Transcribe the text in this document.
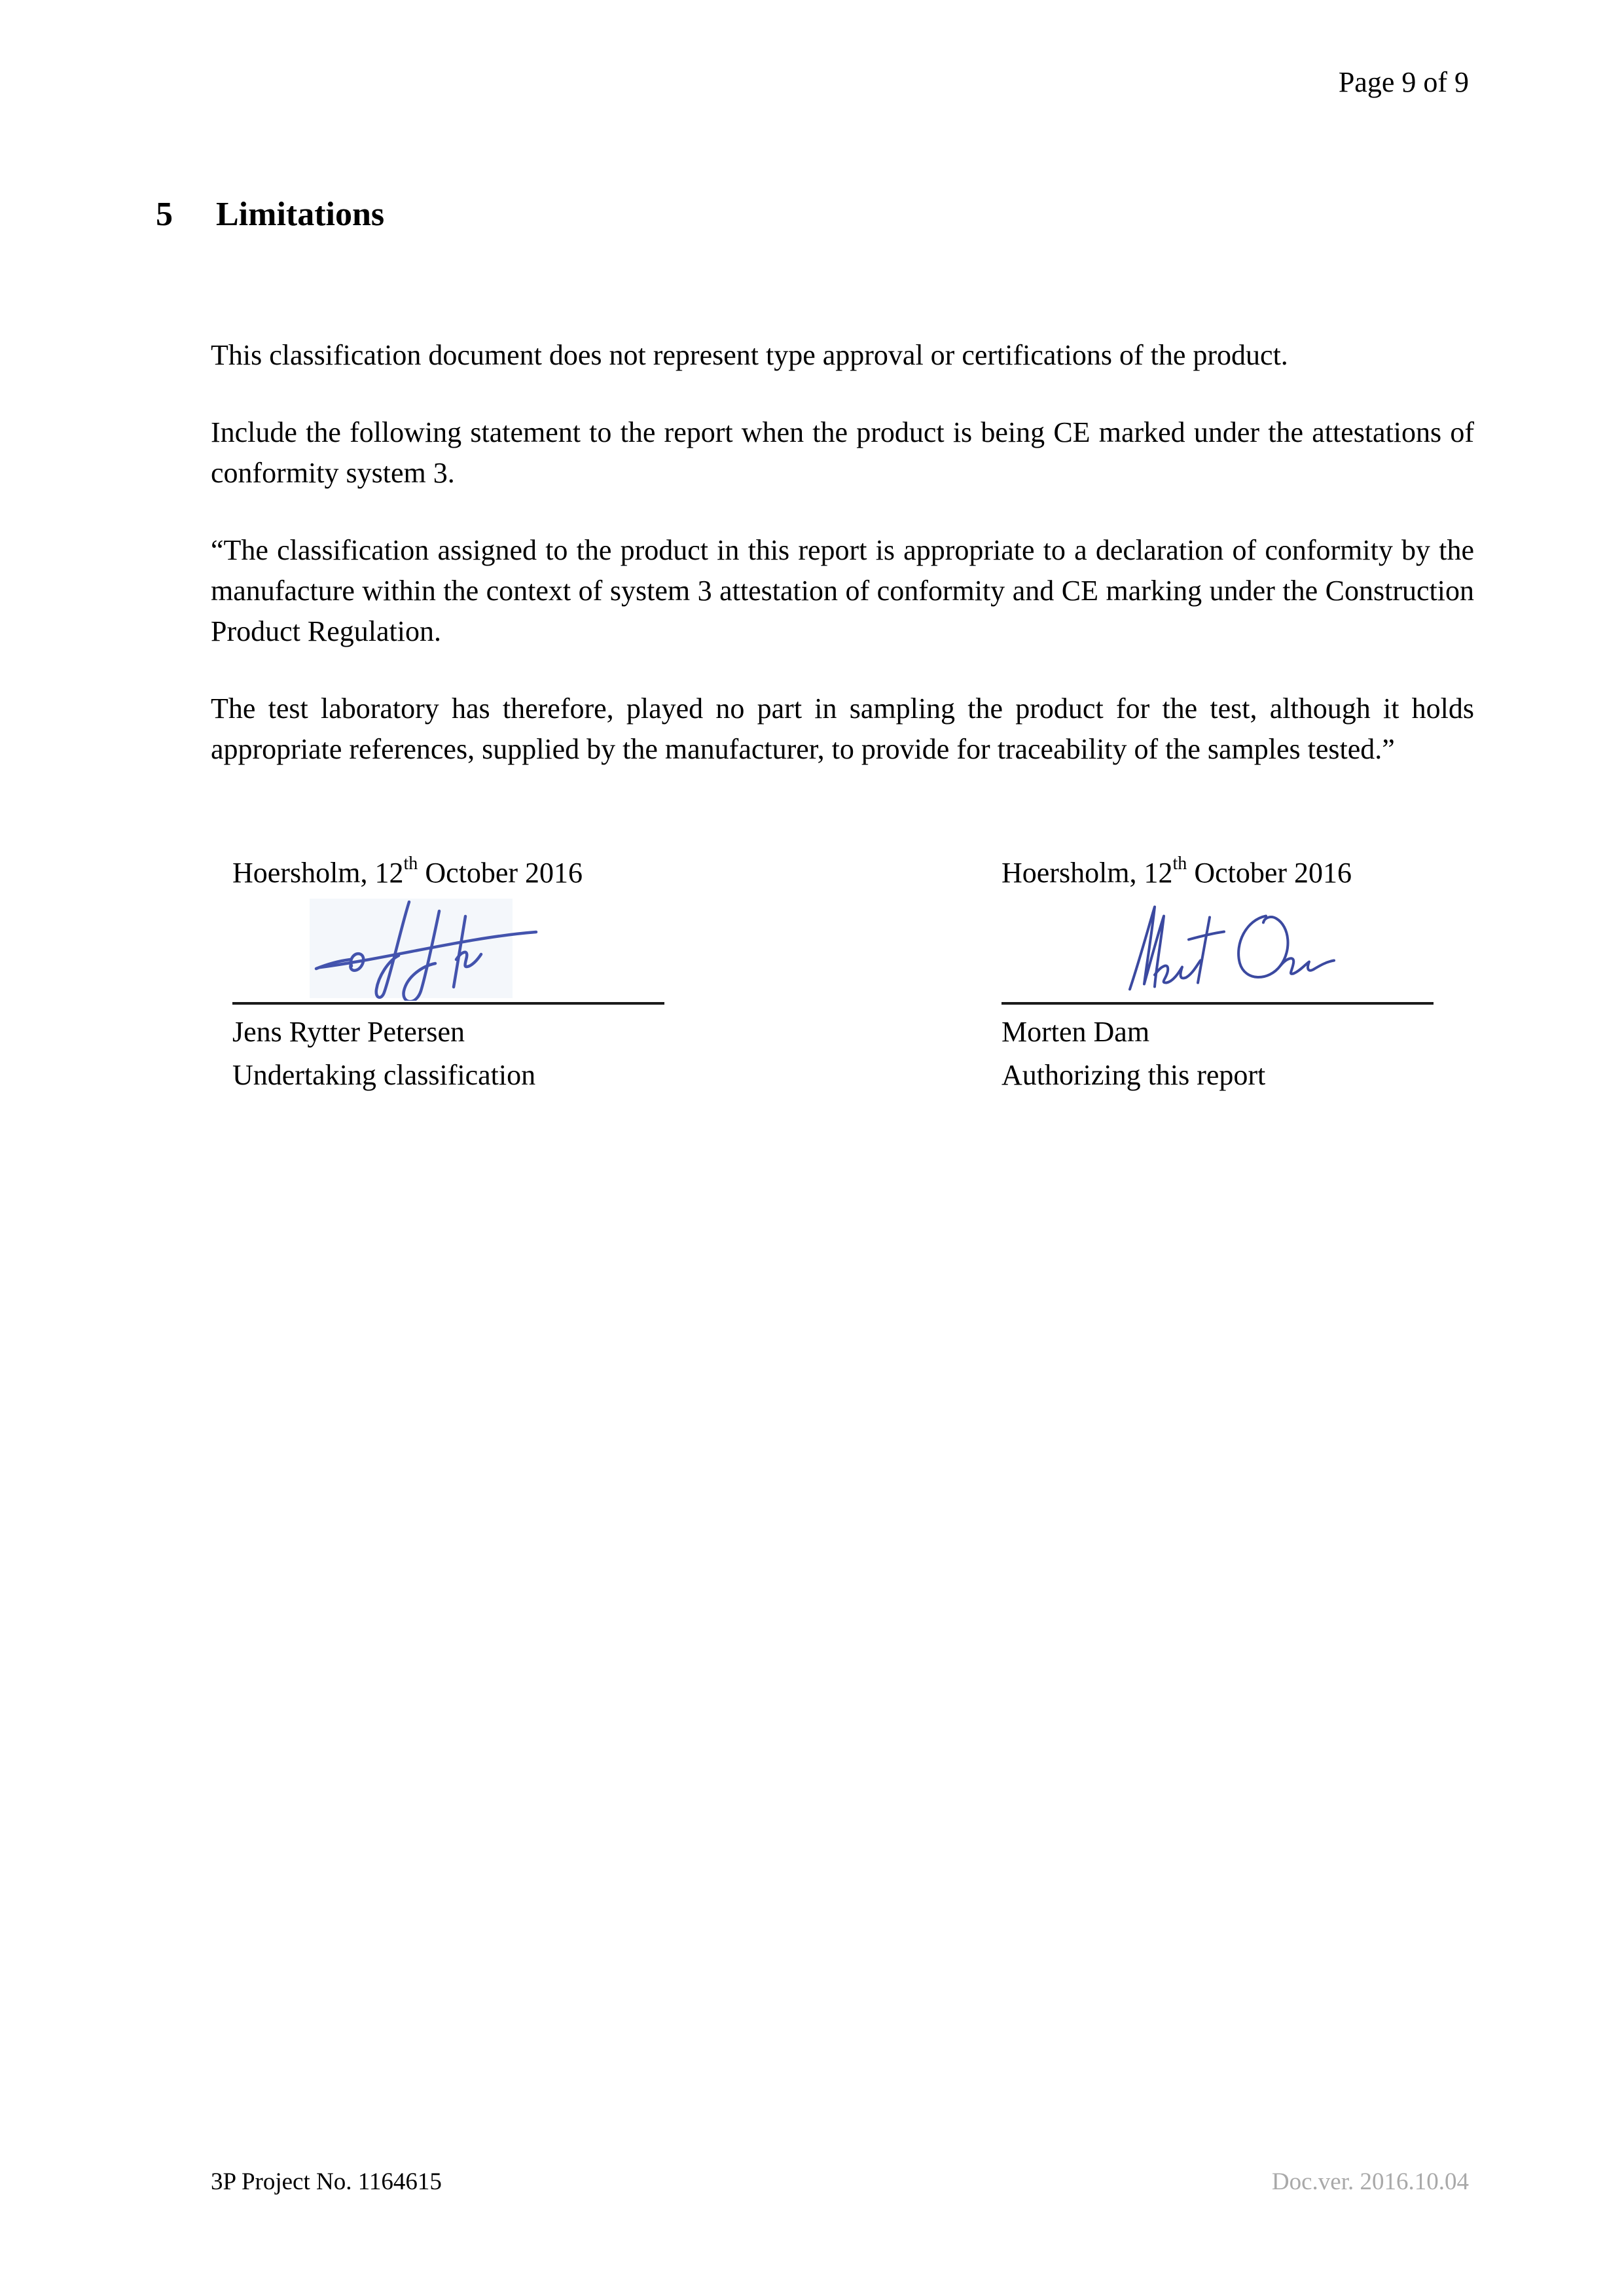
Page 9 of 9
5 Limitations

This classification document does not represent type approval or certifications of the product.

Include the following statement to the report when the product is being CE marked under the attestations of conformity system 3.

“The classification assigned to the product in this report is appropriate to a declaration of conformity by the manufacture within the context of system 3 attestation of conformity and CE marking under the Construction Product Regulation.

The test laboratory has therefore, played no part in sampling the product for the test, although it holds appropriate references, supplied by the manufacturer, to provide for traceability of the samples tested.”

Hoersholm, 12th October 2016
Jens Rytter Petersen
Undertaking classification
Hoersholm, 12th October 2016
Morten Dam
Authorizing this report
3P Project No. 1164615	Doc.ver. 2016.10.04
